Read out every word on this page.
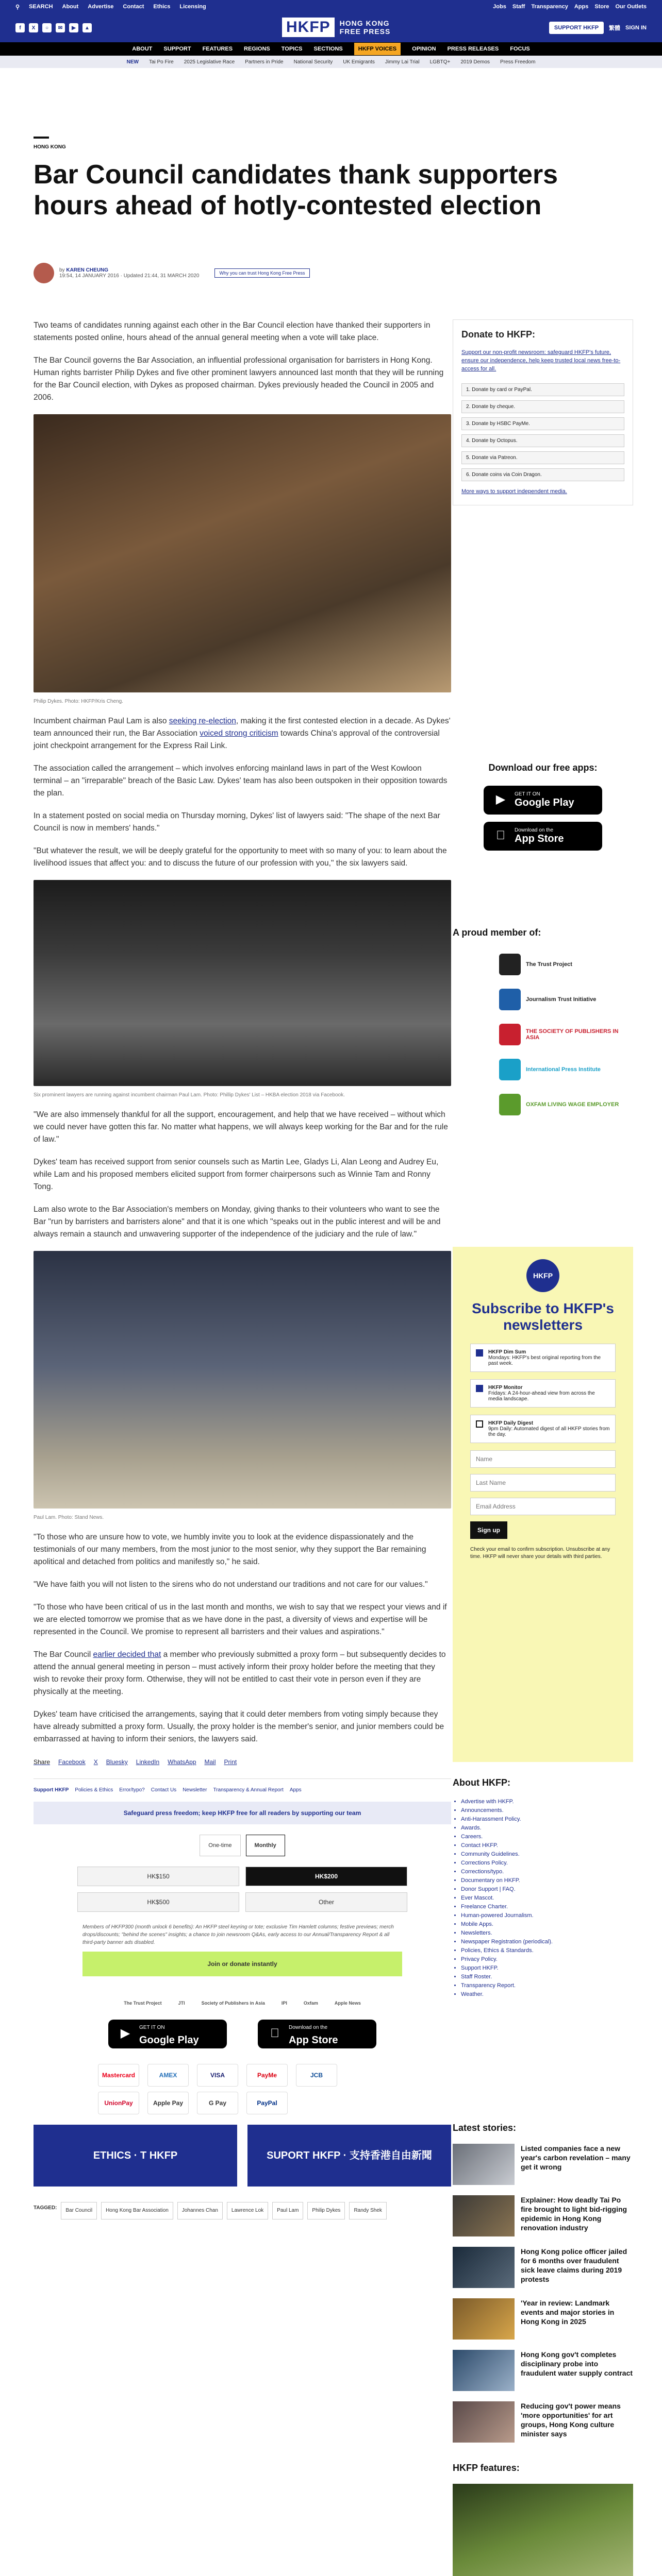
⚲ SEARCH About Advertise Contact Ethics Licensing	Jobs Staff Transparency Apps Store Our Outlets
f	X	○	✉	▶	▲	HKFP	HONG KONG
FREE PRESS	SUPPORT HKFP	繁體 SIGN IN
ABOUT SUPPORT FEATURES REGIONS TOPICS SECTIONS	HKFP VOICES	OPINION PRESS RELEASES FOCUS
NEW Tai Po Fire 2025 Legislative Race Partners in Pride National Security UK Emigrants Jimmy Lai Trial LGBTQ+ 2019 Demos Press Freedom
HONG KONG
Bar Council candidates thank supporters hours ahead of hotly-contested election
by KAREN CHEUNG
19:54, 14 JANUARY 2016 · Updated 21:44, 31 MARCH 2020	Why you can trust Hong Kong Free Press

Two teams of candidates running against each other in the Bar Council election have thanked their supporters in statements posted online, hours ahead of the annual general meeting when a vote will take place.

The Bar Council governs the Bar Association, an influential professional organisation for barristers in Hong Kong. Human rights barrister Philip Dykes and five other prominent lawyers announced last month that they will be running for the Bar Council election, with Dykes as proposed chairman. Dykes previously headed the Council in 2005 and 2006.

Philip Dykes. Photo: HKFP/Kris Cheng.

Incumbent chairman Paul Lam is also seeking re-election, making it the first contested election in a decade. As Dykes' team announced their run, the Bar Association voiced strong criticism towards China's approval of the controversial joint checkpoint arrangement for the Express Rail Link.

The association called the arrangement – which involves enforcing mainland laws in part of the West Kowloon terminal – an "irreparable" breach of the Basic Law. Dykes' team has also been outspoken in their opposition towards the plan.

In a statement posted on social media on Thursday morning, Dykes' list of lawyers said: "The shape of the next Bar Council is now in members' hands."

"But whatever the result, we will be deeply grateful for the opportunity to meet with so many of you: to learn about the livelihood issues that affect you: and to discuss the future of our profession with you," the six lawyers said.

Six prominent lawyers are running against incumbent chairman Paul Lam. Photo: Phillip Dykes' List – HKBA election 2018 via Facebook.

"We are also immensely thankful for all the support, encouragement, and help that we have received – without which we could never have gotten this far. No matter what happens, we will always keep working for the Bar and for the rule of law."

Dykes' team has received support from senior counsels such as Martin Lee, Gladys Li, Alan Leong and Audrey Eu, while Lam and his proposed members elicited support from former chairpersons such as Winnie Tam and Ronny Tong.

Lam also wrote to the Bar Association's members on Monday, giving thanks to their volunteers who want to see the Bar "run by barristers and barristers alone" and that it is one which "speaks out in the public interest and will be and always remain a staunch and unwavering supporter of the independence of the judiciary and the rule of law."

Paul Lam. Photo: Stand News.

"To those who are unsure how to vote, we humbly invite you to look at the evidence dispassionately and the testimonials of our many members, from the most junior to the most senior, why they support the Bar remaining apolitical and detached from politics and manifestly so," he said.

"We have faith you will not listen to the sirens who do not understand our traditions and not care for our values."

"To those who have been critical of us in the last month and months, we wish to say that we respect your views and if we are elected tomorrow we promise that as we have done in the past, a diversity of views and expertise will be represented in the Council. We promise to represent all barristers and their values and aspirations."

The Bar Council earlier decided that a member who previously submitted a proxy form – but subsequently decides to attend the annual general meeting in person – must actively inform their proxy holder before the meeting that they wish to revoke their proxy form. Otherwise, they will not be entitled to cast their vote in person even if they are physically at the meeting.

Dykes' team have criticised the arrangements, saying that it could deter members from voting simply because they have already submitted a proxy form. Usually, the proxy holder is the member's senior, and junior members could be embarrassed at having to inform their seniors, the lawyers said.

Share Facebook X Bluesky LinkedIn WhatsApp Mail Print
Support HKFP Policies & Ethics Error/typo? Contact Us Newsletter Transparency & Annual Report Apps
Safeguard press freedom; keep HKFP free for all readers by supporting our team
One-time	Monthly
HK$150	HK$200
HK$500	Other
Members of HKFP300 (month unlock 6 benefits): An HKFP steel keyring or tote; exclusive Tim Hamlett columns; festive previews; merch drops/discounts; "behind the scenes" insights; a chance to join newsroom Q&As, early access to our Annual/Transparency Report & all third-party banner ads disabled.
Join or donate instantly
The Trust Project	JTI	Society of Publishers in Asia	IPI	Oxfam	Apple News
▶	GET IT ON
Google Play
Download on the
App Store
Mastercard	AMEX	VISA	PayMe	JCB
UnionPay	Apple Pay	G Pay	PayPal
ETHICS · T HKFP	SUPORT HKFP · 支持香港自由新聞
TAGGED:	Bar Council	Hong Kong Bar Association	Johannes Chan	Lawrence Lok	Paul Lam	Philip Dykes	Randy Shek
Donate to HKFP:
Support our non-profit newsroom: safeguard HKFP's future, ensure our independence, help keep trusted local news free-to-access for all.
1. Donate by card or PayPal.
2. Donate by cheque.
3. Donate by HSBC PayMe.
4. Donate by Octopus.
5. Donate via Patreon.
6. Donate coins via Coin Dragon.
More ways to support independent media.
Download our free apps:
▶	GET IT ON
Google Play
Download on the
App Store
A proud member of:
The Trust Project
Journalism Trust Initiative
THE SOCIETY OF PUBLISHERS IN ASIA
International Press Institute
OXFAM LIVING WAGE EMPLOYER
HKFP
Subscribe to HKFP's newsletters
HKFP Dim Sum
Mondays: HKFP's best original reporting from the past week.
HKFP Monitor
Fridays: A 24-hour-ahead view from across the media landscape.
HKFP Daily Digest
9pm Daily: Automated digest of all HKFP stories from the day.
Name Last Name Email Address Sign up
Check your email to confirm subscription. Unsubscribe at any time. HKFP will never share your details with third parties.
About HKFP:
• Advertise with HKFP.
• Announcements.
• Anti-Harassment Policy.
• Awards.
• Careers.
• Contact HKFP.
• Community Guidelines.
• Corrections Policy.
• Corrections/typo.
• Documentary on HKFP.
• Donor Support | FAQ.
• Ever Mascot.
• Freelance Charter.
• Human-powered Journalism.
• Mobile Apps.
• Newsletters.
• Newspaper Registration (periodical).
• Policies, Ethics & Standards.
• Privacy Policy.
• Support HKFP.
• Staff Roster.
• Transparency Report.
• Weather.
Latest stories:
Listed companies face a new year's carbon revelation – many get it wrong
Explainer: How deadly Tai Po fire brought to light bid-rigging epidemic in Hong Kong renovation industry
Hong Kong police officer jailed for 6 months over fraudulent sick leave claims during 2019 protests
'Year in review: Landmark events and major stories in Hong Kong in 2025
Hong Kong gov't completes disciplinary probe into fraudulent water supply contract
Reducing gov't power means 'more opportunities' for art groups, Hong Kong culture minister says
HKFP features:
